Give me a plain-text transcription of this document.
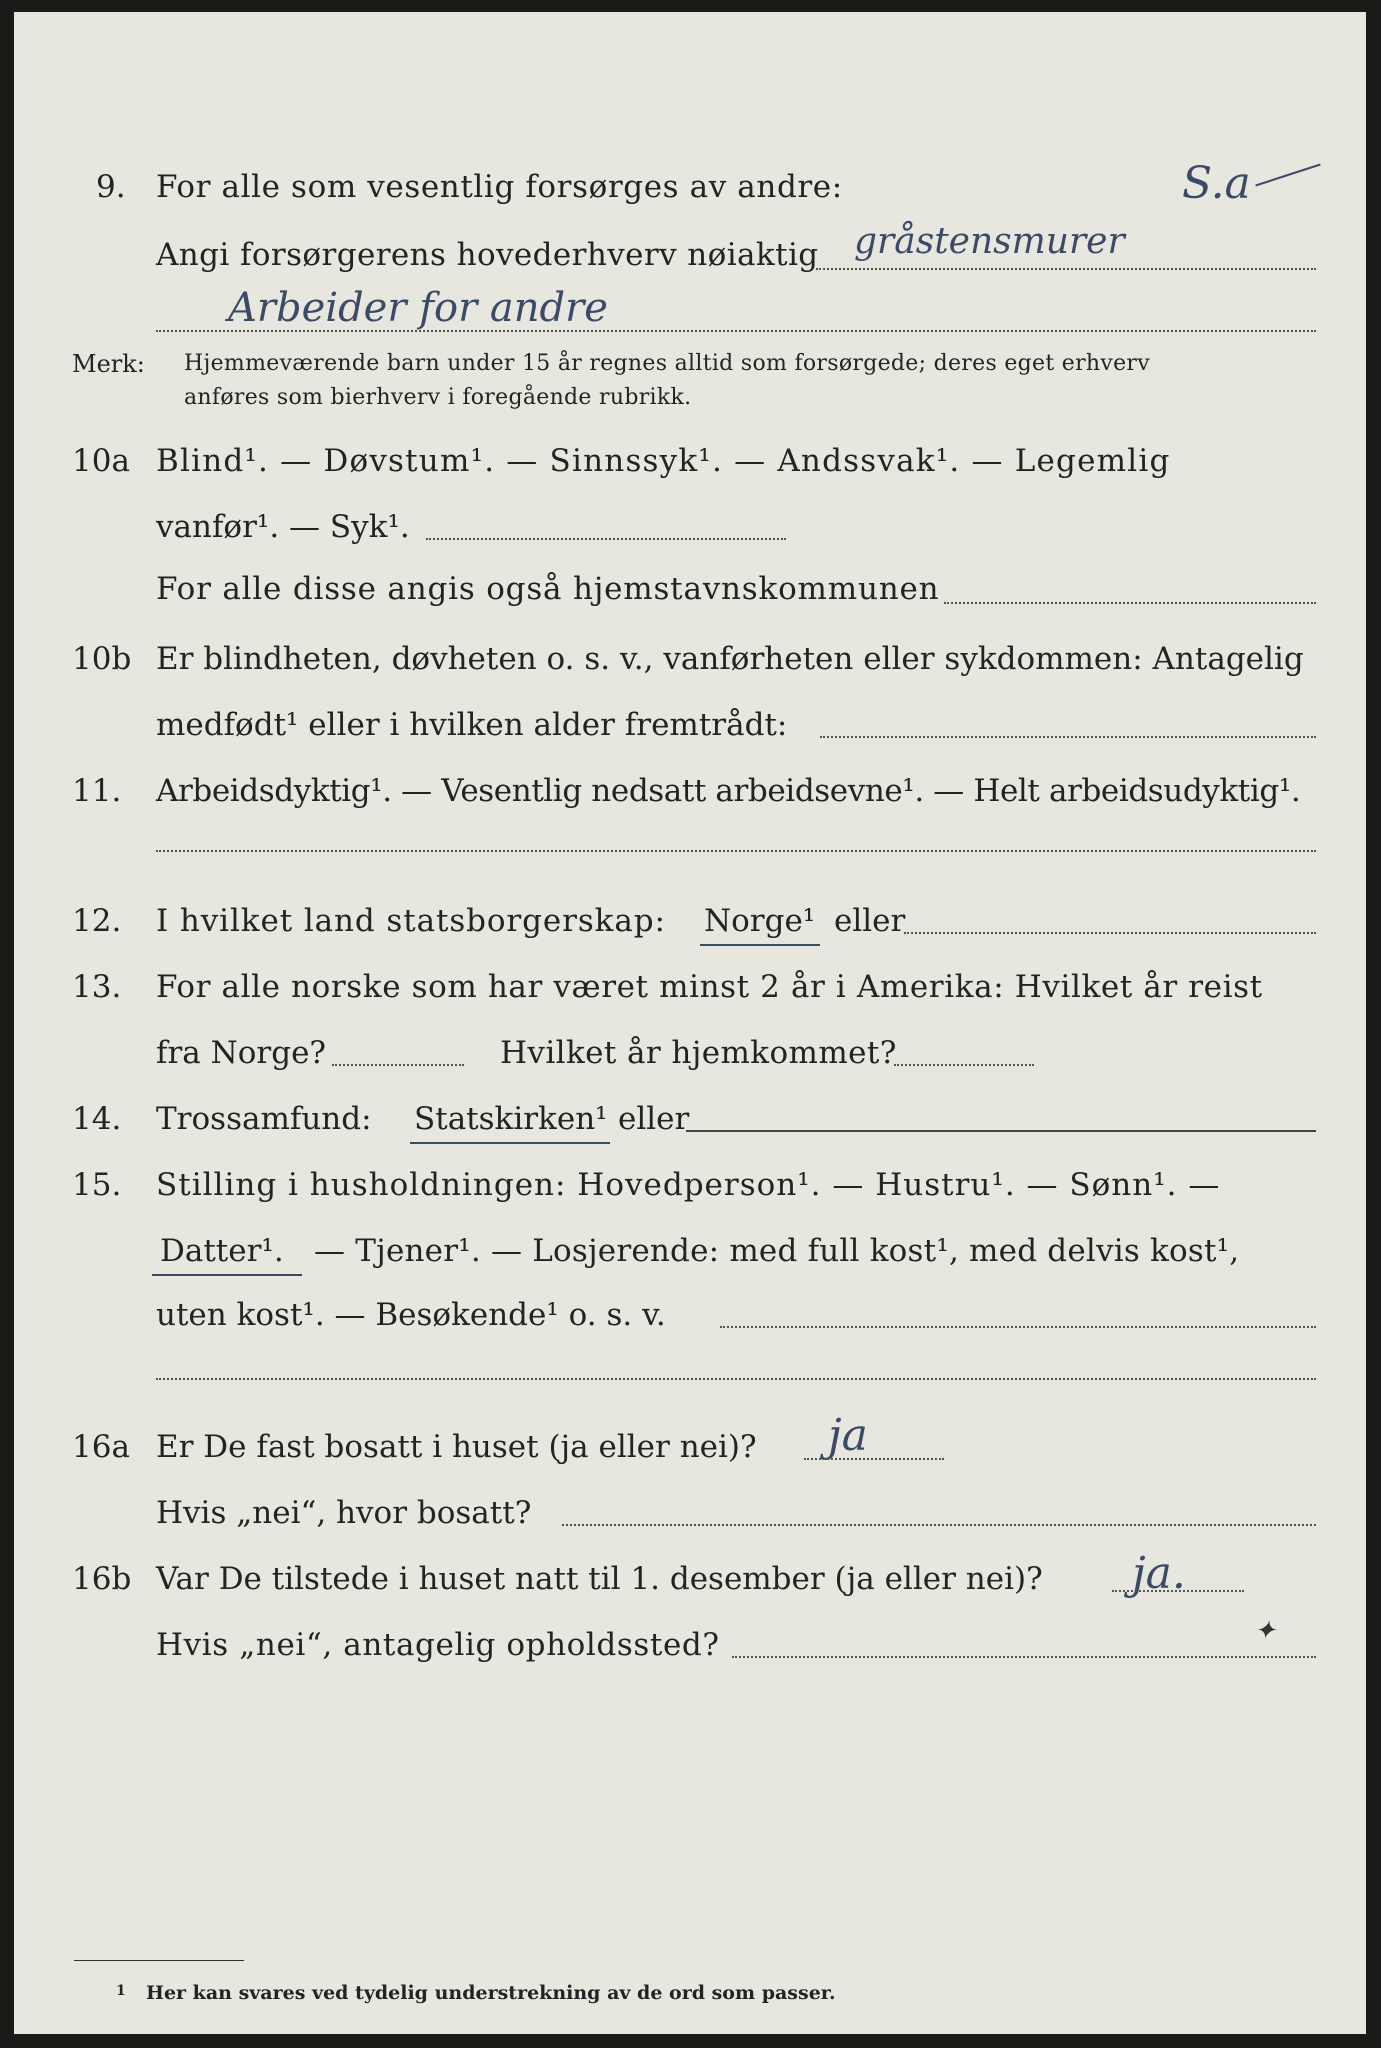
9. For alle som vesentlig forsørges av andre:	S.a
Angi forsørgerens hovederhverv nøiaktig gråstensmurer
Arbeider for andre
Merk: Hjemmeværende barn under 15 år regnes alltid som forsørgede; deres eget erhverv
anføres som bierhverv i foregående rubrikk.
10a Blind¹. — Døvstum¹. — Sinnssyk¹. — Andssvak¹. — Legemlig
vanfør¹. — Syk¹.
For alle disse angis også hjemstavnskommunen
10b Er blindheten, døvheten o. s. v., vanførheten eller sykdommen: Antagelig
medfødt¹ eller i hvilken alder fremtrådt:
11. Arbeidsdyktig¹. — Vesentlig nedsatt arbeidsevne¹. — Helt arbeidsudyktig¹.
12. I hvilket land statsborgerskap: Norge¹ eller
13. For alle norske som har været minst 2 år i Amerika: Hvilket år reist
fra Norge?	Hvilket år hjemkommet?
14. Trossamfund: Statskirken¹ eller
15. Stilling i husholdningen: Hovedperson¹. — Hustru¹. — Sønn¹. —
Datter¹. — Tjener¹. — Losjerende: med full kost¹, med delvis kost¹,
uten kost¹. — Besøkende¹ o. s. v.
16a Er De fast bosatt i huset (ja eller nei)? ja
Hvis „nei“, hvor bosatt?
16b Var De tilstede i huset natt til 1. desember (ja eller nei)? ja.
Hvis „nei“, antagelig opholdssted?	✦
1 Her kan svares ved tydelig understrekning av de ord som passer.
